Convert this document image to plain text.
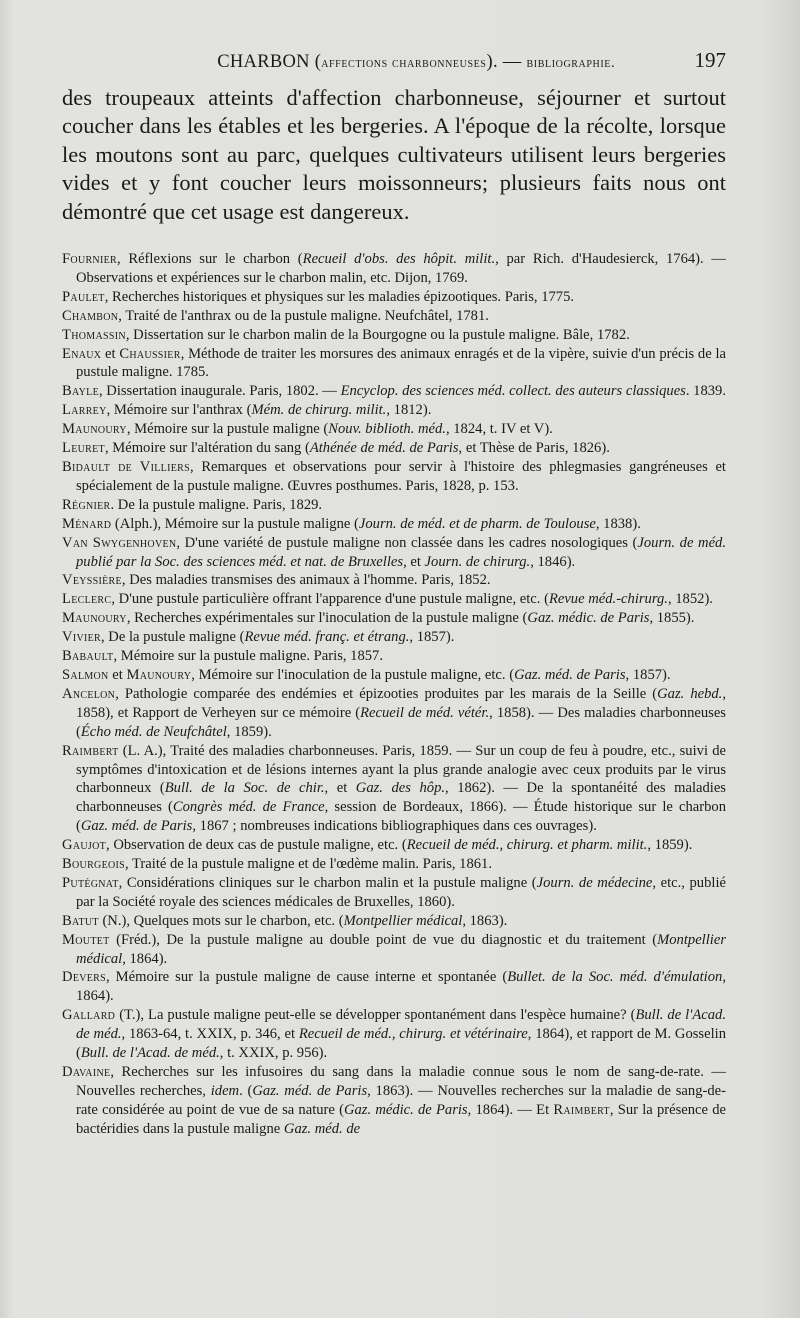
CHARBON (affections charbonneuses). — bibliographie.	197

des troupeaux atteints d'affection charbonneuse, séjourner et surtout coucher dans les étables et les bergeries. A l'époque de la récolte, lorsque les moutons sont au parc, quelques cultivateurs utilisent leurs bergeries vides et y font coucher leurs moissonneurs; plusieurs faits nous ont démontré que cet usage est dangereux.

Fournier, Réflexions sur le charbon (Recueil d'obs. des hôpit. milit., par Rich. d'Haudesierck, 1764). — Observations et expériences sur le charbon malin, etc. Dijon, 1769.

Paulet, Recherches historiques et physiques sur les maladies épizootiques. Paris, 1775.

Chambon, Traité de l'anthrax ou de la pustule maligne. Neufchâtel, 1781.

Thomassin, Dissertation sur le charbon malin de la Bourgogne ou la pustule maligne. Bâle, 1782.

Enaux et Chaussier, Méthode de traiter les morsures des animaux enragés et de la vipère, suivie d'un précis de la pustule maligne. 1785.

Bayle, Dissertation inaugurale. Paris, 1802. — Encyclop. des sciences méd. collect. des auteurs classiques. 1839.

Larrey, Mémoire sur l'anthrax (Mém. de chirurg. milit., 1812).

Maunoury, Mémoire sur la pustule maligne (Nouv. biblioth. méd., 1824, t. IV et V).

Leuret, Mémoire sur l'altération du sang (Athénée de méd. de Paris, et Thèse de Paris, 1826).

Bidault de Villiers, Remarques et observations pour servir à l'histoire des phlegmasies gangréneuses et spécialement de la pustule maligne. Œuvres posthumes. Paris, 1828, p. 153.

Régnier. De la pustule maligne. Paris, 1829.

Ménard (Alph.), Mémoire sur la pustule maligne (Journ. de méd. et de pharm. de Toulouse, 1838).

Van Swygenhoven, D'une variété de pustule maligne non classée dans les cadres nosologiques (Journ. de méd. publié par la Soc. des sciences méd. et nat. de Bruxelles, et Journ. de chirurg., 1846).

Veyssière, Des maladies transmises des animaux à l'homme. Paris, 1852.

Leclerc, D'une pustule particulière offrant l'apparence d'une pustule maligne, etc. (Revue méd.-chirurg., 1852).

Maunoury, Recherches expérimentales sur l'inoculation de la pustule maligne (Gaz. médic. de Paris, 1855).

Vivier, De la pustule maligne (Revue méd. franç. et étrang., 1857).

Babault, Mémoire sur la pustule maligne. Paris, 1857.

Salmon et Maunoury, Mémoire sur l'inoculation de la pustule maligne, etc. (Gaz. méd. de Paris, 1857).

Ancelon, Pathologie comparée des endémies et épizooties produites par les marais de la Seille (Gaz. hebd., 1858), et Rapport de Verheyen sur ce mémoire (Recueil de méd. vétér., 1858). — Des maladies charbonneuses (Écho méd. de Neufchâtel, 1859).

Raimbert (L. A.), Traité des maladies charbonneuses. Paris, 1859. — Sur un coup de feu à poudre, etc., suivi de symptômes d'intoxication et de lésions internes ayant la plus grande analogie avec ceux produits par le virus charbonneux (Bull. de la Soc. de chir., et Gaz. des hôp., 1862). — De la spontanéité des maladies charbonneuses (Congrès méd. de France, session de Bordeaux, 1866). — Étude historique sur le charbon (Gaz. méd. de Paris, 1867 ; nombreuses indications bibliographiques dans ces ouvrages).

Gaujot, Observation de deux cas de pustule maligne, etc. (Recueil de méd., chirurg. et pharm. milit., 1859).

Bourgeois, Traité de la pustule maligne et de l'œdème malin. Paris, 1861.

Putégnat, Considérations cliniques sur le charbon malin et la pustule maligne (Journ. de médecine, etc., publié par la Société royale des sciences médicales de Bruxelles, 1860).

Batut (N.), Quelques mots sur le charbon, etc. (Montpellier médical, 1863).

Moutet (Fréd.), De la pustule maligne au double point de vue du diagnostic et du traitement (Montpellier médical, 1864).

Devers, Mémoire sur la pustule maligne de cause interne et spontanée (Bullet. de la Soc. méd. d'émulation, 1864).

Gallard (T.), La pustule maligne peut-elle se développer spontanément dans l'espèce humaine? (Bull. de l'Acad. de méd., 1863-64, t. XXIX, p. 346, et Recueil de méd., chirurg. et vétérinaire, 1864), et rapport de M. Gosselin (Bull. de l'Acad. de méd., t. XXIX, p. 956).

Davaine, Recherches sur les infusoires du sang dans la maladie connue sous le nom de sang-de-rate. — Nouvelles recherches, idem. (Gaz. méd. de Paris, 1863). — Nouvelles recherches sur la maladie de sang-de-rate considérée au point de vue de sa nature (Gaz. médic. de Paris, 1864). — Et Raimbert, Sur la présence de bactéridies dans la pustule maligne Gaz. méd. de
